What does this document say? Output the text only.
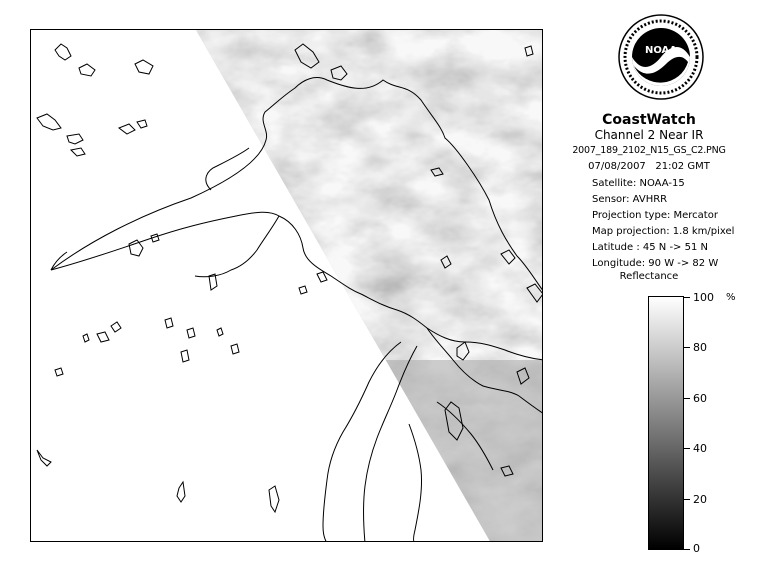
NOAA
CoastWatch
Channel 2 Near IR
2007_189_2102_N15_GS_C2.PNG
07/08/2007 21:02 GMT
Satellite: NOAA-15
Sensor: AVHRR
Projection type: Mercator
Map projection: 1.8 km/pixel
Latitude : 45 N -> 51 N
Longitude: 90 W -> 82 W
Reflectance
%
100
80
60
40
20
0
